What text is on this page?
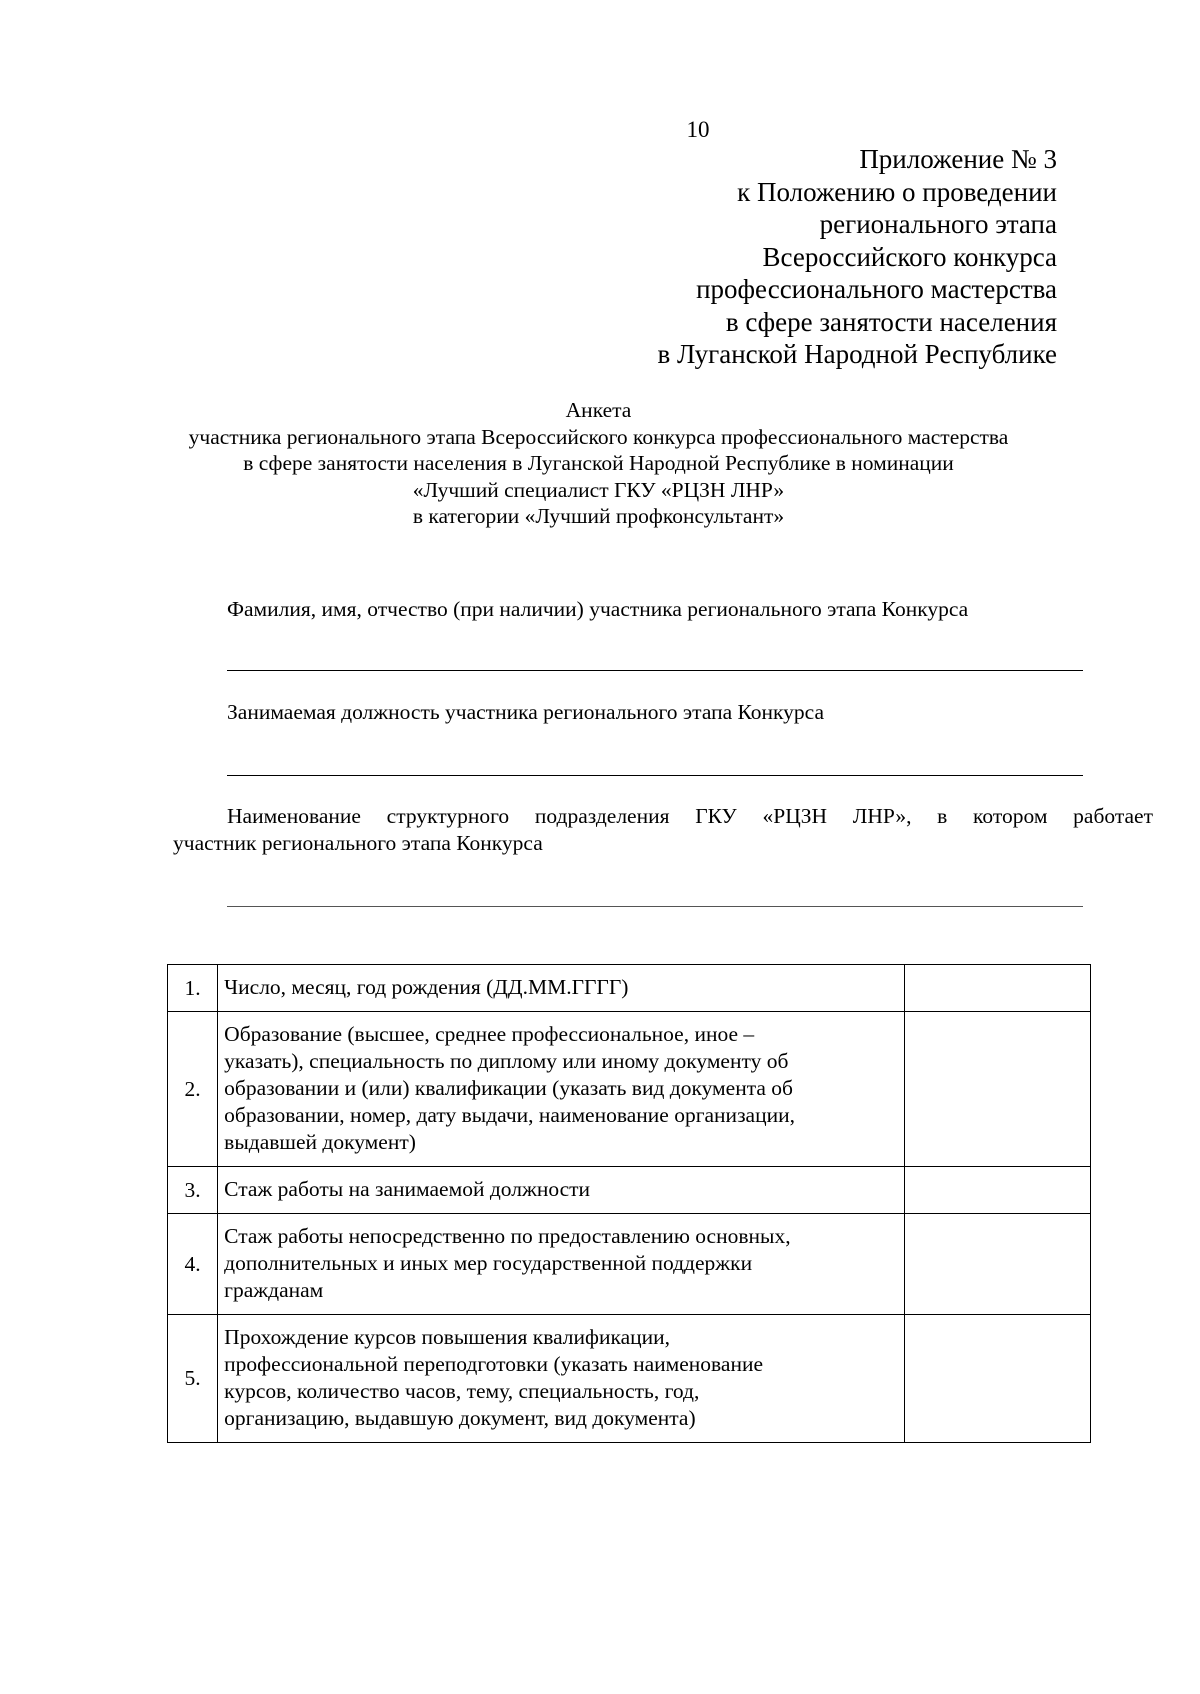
10
Приложение № 3
к Положению о проведении
регионального этапа
Всероссийского конкурса
профессионального мастерства
в сфере занятости населения
в Луганской Народной Республике
Анкета
участника регионального этапа Всероссийского конкурса профессионального мастерства
в сфере занятости населения в Луганской Народной Республике в номинации
«Лучший специалист ГКУ «РЦЗН ЛНР»
в категории «Лучший профконсультант»
Фамилия, имя, отчество (при наличии) участника регионального этапа Конкурса
Занимаемая должность участника регионального этапа Конкурса
Наименование структурного подразделения ГКУ «РЦЗН ЛНР», в котором работает
участник регионального этапа Конкурса
1.	Число, месяц, год рождения (ДД.ММ.ГГГГ)	

2.	Образование (высшее, среднее профессиональное, иное –
указать), специальность по диплому или иному документу об
образовании и (или) квалификации (указать вид документа об
образовании, номер, дату выдачи, наименование организации,
выдавшей документ)	

3.	Стаж работы на занимаемой должности	

4.	Стаж работы непосредственно по предоставлению основных,
дополнительных и иных мер государственной поддержки
гражданам	

5.	Прохождение курсов повышения квалификации,
профессиональной переподготовки (указать наименование
курсов, количество часов, тему, специальность, год,
организацию, выдавшую документ, вид документа)	
